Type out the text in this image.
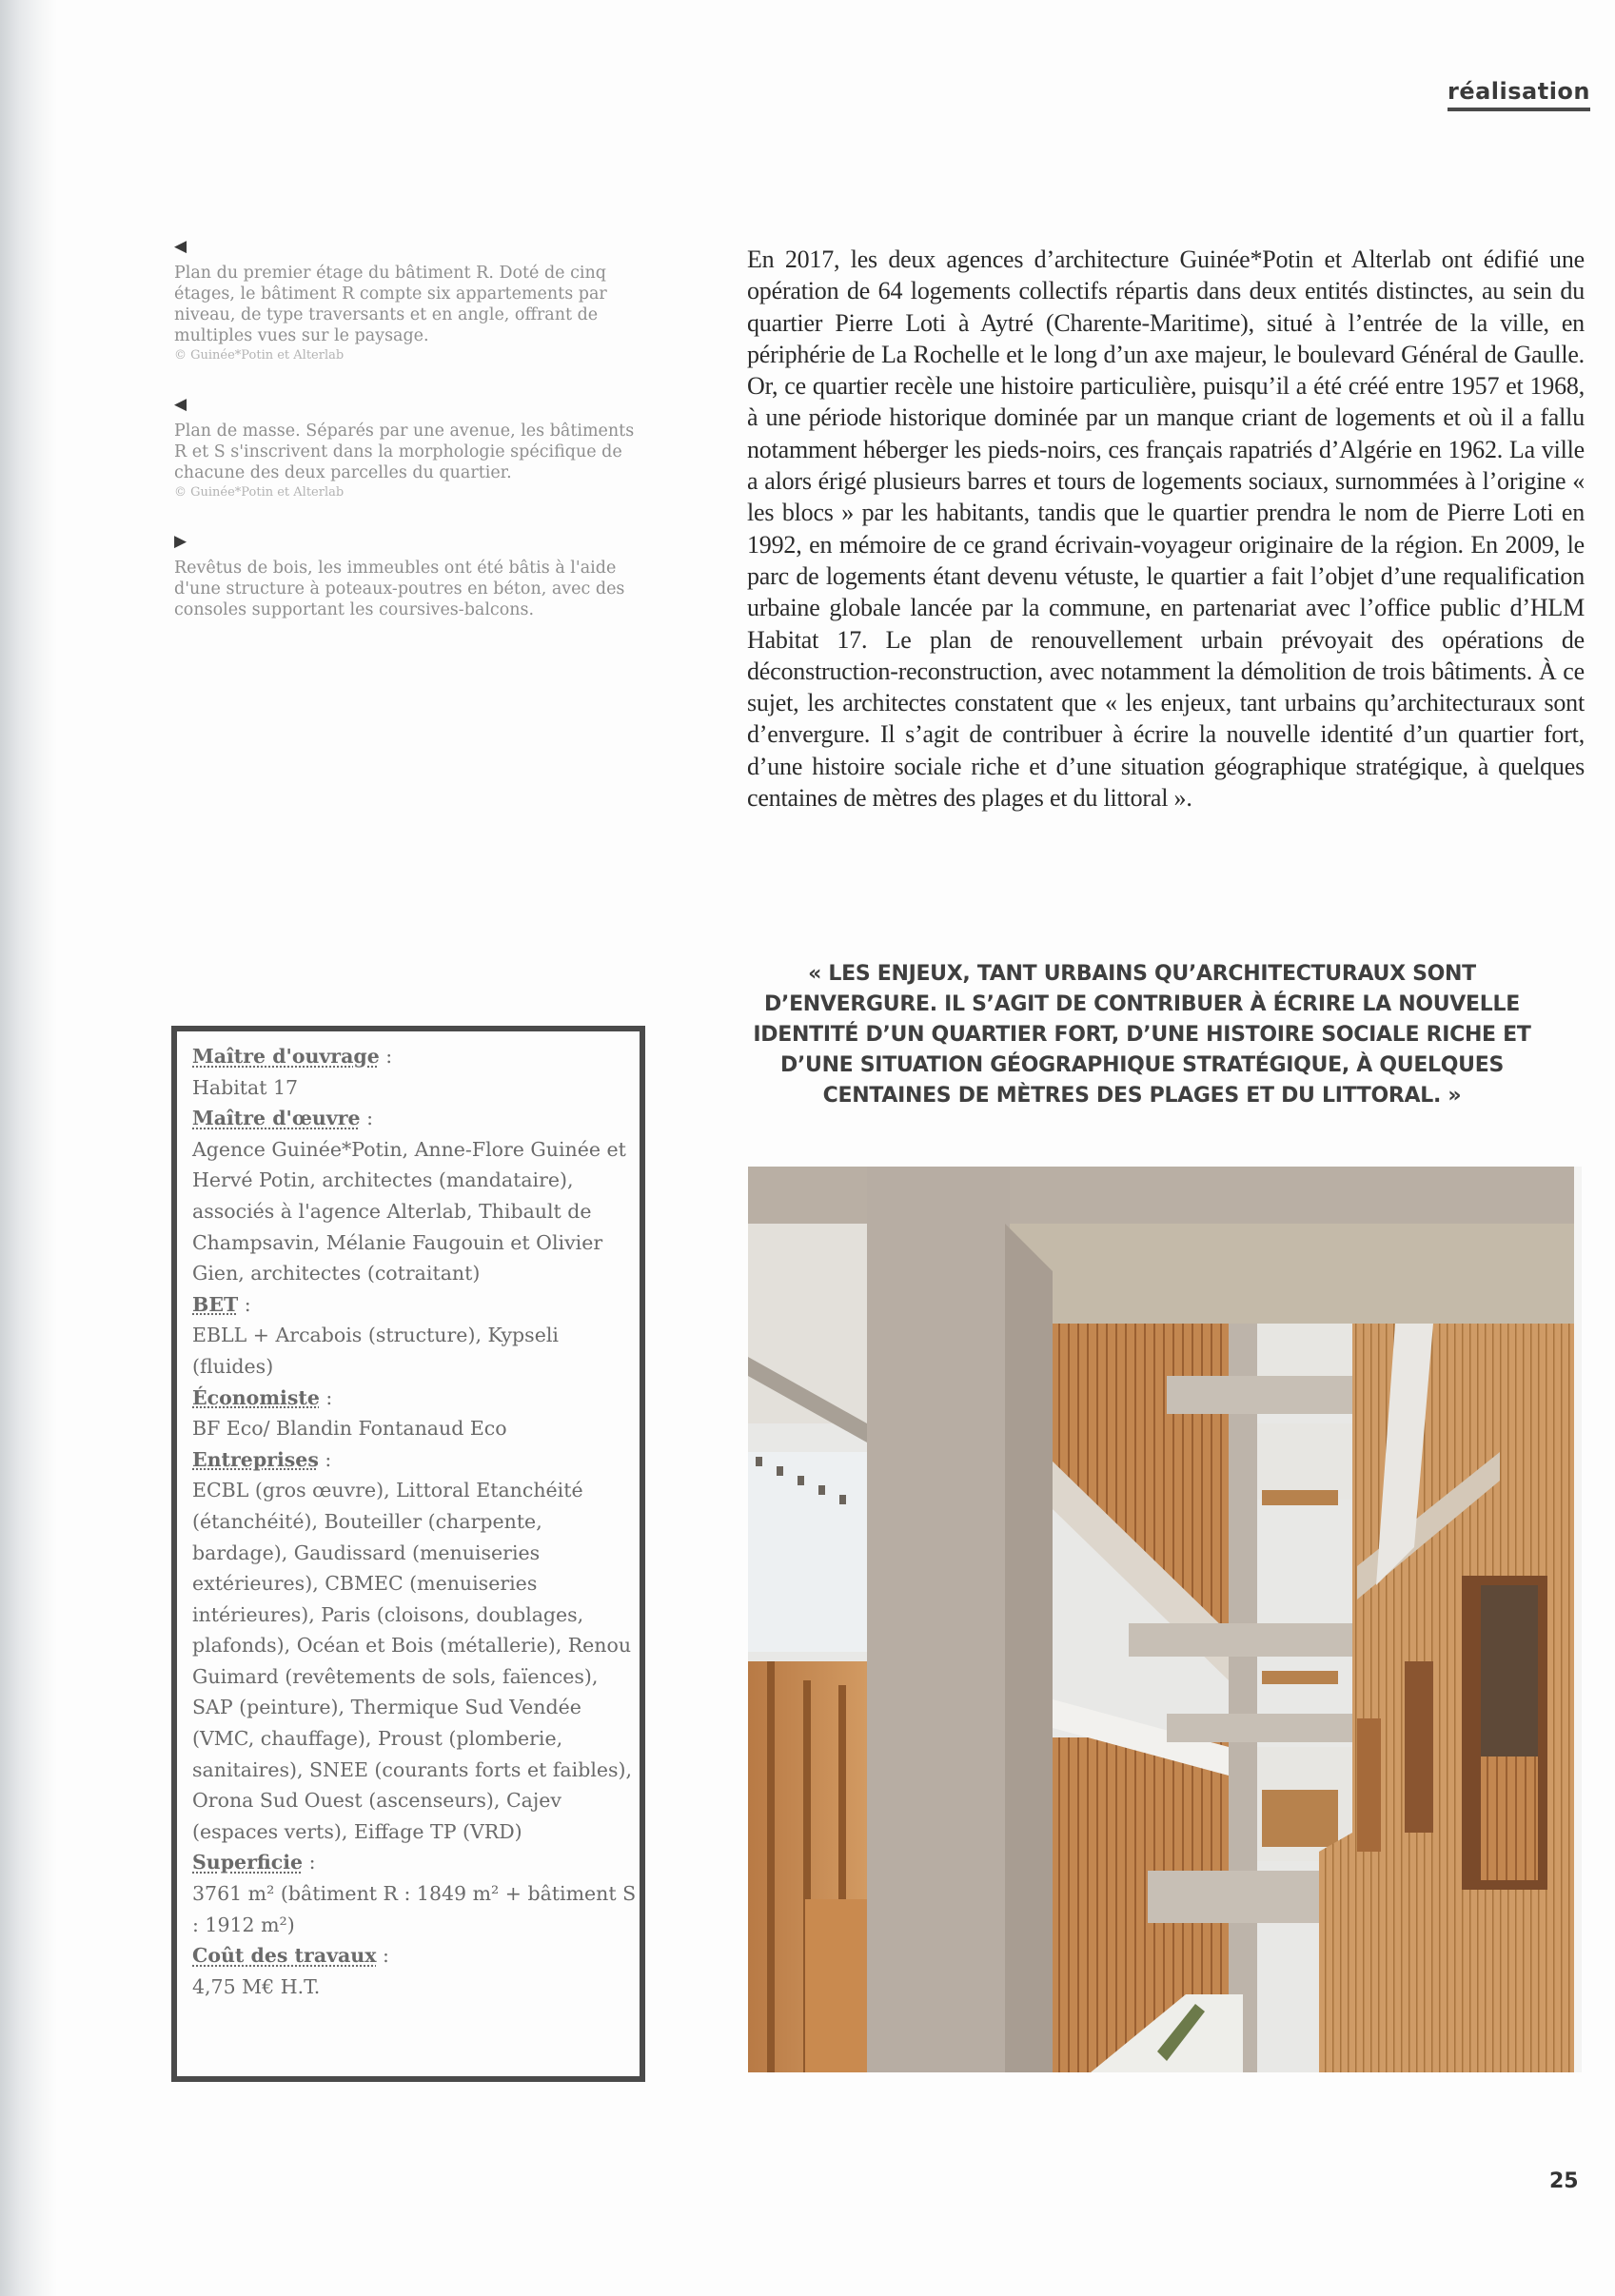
réalisation
◀
Plan du premier étage du bâtiment R. Doté de cinq étages, le bâtiment R compte six appartements par niveau, de type traversants et en angle, offrant de multiples vues sur le paysage.
© Guinée*Potin et Alterlab
◀
Plan de masse. Séparés par une avenue, les bâtiments R et S s'inscrivent dans la morphologie spécifique de chacune des deux parcelles du quartier.
© Guinée*Potin et Alterlab
▶
Revêtus de bois, les immeubles ont été bâtis à l'aide d'une structure à poteaux-poutres en béton, avec des consoles supportant les coursives-balcons.
En 2017, les deux agences d’architecture Guinée*Potin et Alterlab ont édifié une opération de 64 logements collectifs répartis dans deux entités distinctes, au sein du quartier Pierre Loti à Aytré (Charente-Maritime), situé à l’entrée de la ville, en périphérie de La Rochelle et le long d’un axe majeur, le boulevard Général de Gaulle. Or, ce quartier recèle une histoire particulière, puisqu’il a été créé entre 1957 et 1968, à une période historique dominée par un manque criant de logements et où il a fallu notamment héberger les pieds-noirs, ces français rapatriés d’Algérie en 1962. La ville a alors érigé plusieurs barres et tours de logements sociaux, surnommées à l’origine « les blocs » par les habitants, tandis que le quartier prendra le nom de Pierre Loti en 1992, en mémoire de ce grand écrivain-voyageur originaire de la région. En 2009, le parc de logements étant devenu vétuste, le quartier a fait l’objet d’une requalification urbaine globale lancée par la commune, en partenariat avec l’office public d’HLM Habitat 17. Le plan de renouvellement urbain prévoyait des opérations de déconstruction-reconstruction, avec notamment la démolition de trois bâtiments. À ce sujet, les architectes constatent que « les enjeux, tant urbains qu’architecturaux sont d’envergure. Il s’agit de contribuer à écrire la nouvelle identité d’un quartier fort, d’une histoire sociale riche et d’une situation géographique stratégique, à quelques centaines de mètres des plages et du littoral ».
« LES ENJEUX, TANT URBAINS QU’ARCHITECTURAUX SONT D’ENVERGURE. IL S’AGIT DE CONTRIBUER À ÉCRIRE LA NOUVELLE IDENTITÉ D’UN QUARTIER FORT, D’UNE HISTOIRE SOCIALE RICHE ET D’UNE SITUATION GÉOGRAPHIQUE STRATÉGIQUE, À QUELQUES CENTAINES DE MÈTRES DES PLAGES ET DU LITTORAL. »
Maître d'ouvrage :
Habitat 17
Maître d'œuvre :
Agence Guinée*Potin, Anne-Flore Guinée et Hervé Potin, architectes (mandataire), associés à l'agence Alterlab, Thibault de Champsavin, Mélanie Faugouin et Olivier Gien, architectes (cotraitant)
BET :
EBLL + Arcabois (structure), Kypseli (fluides)
Économiste :
BF Eco/ Blandin Fontanaud Eco
Entreprises :
ECBL (gros œuvre), Littoral Etanchéité (étanchéité), Bouteiller (charpente, bardage), Gaudissard (menuiseries extérieures), CBMEC (menuiseries intérieures), Paris (cloisons, doublages, plafonds), Océan et Bois (métallerie), Renou Guimard (revêtements de sols, faïences), SAP (peinture), Thermique Sud Vendée (VMC, chauffage), Proust (plomberie, sanitaires), SNEE (courants forts et faibles), Orona Sud Ouest (ascenseurs), Cajev (espaces verts), Eiffage TP (VRD)
Superficie :
3761 m² (bâtiment R : 1849 m² + bâtiment S : 1912 m²)
Coût des travaux :
4,75 M€ H.T.
25
